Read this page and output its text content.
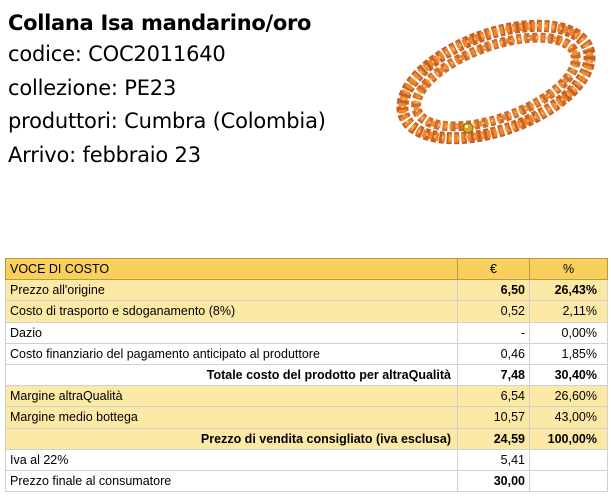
Collana Isa mandarino/oro
codice: COC2011640
collezione: PE23
produttori: Cumbra (Colombia)
Arrivo: febbraio 23
VOCE DI COSTO	€	%
Prezzo all'origine	6,50	26,43%
Costo di trasporto e sdoganamento (8%)	0,52	2,11%
Dazio	-	0,00%
Costo finanziario del pagamento anticipato al produttore	0,46	1,85%
Totale costo del prodotto per altraQualità	7,48	30,40%
Margine altraQualità	6,54	26,60%
Margine medio bottega	10,57	43,00%
Prezzo di vendita consigliato (iva esclusa)	24,59	100,00%
Iva al 22%	5,41	
Prezzo finale al consumatore	30,00	
